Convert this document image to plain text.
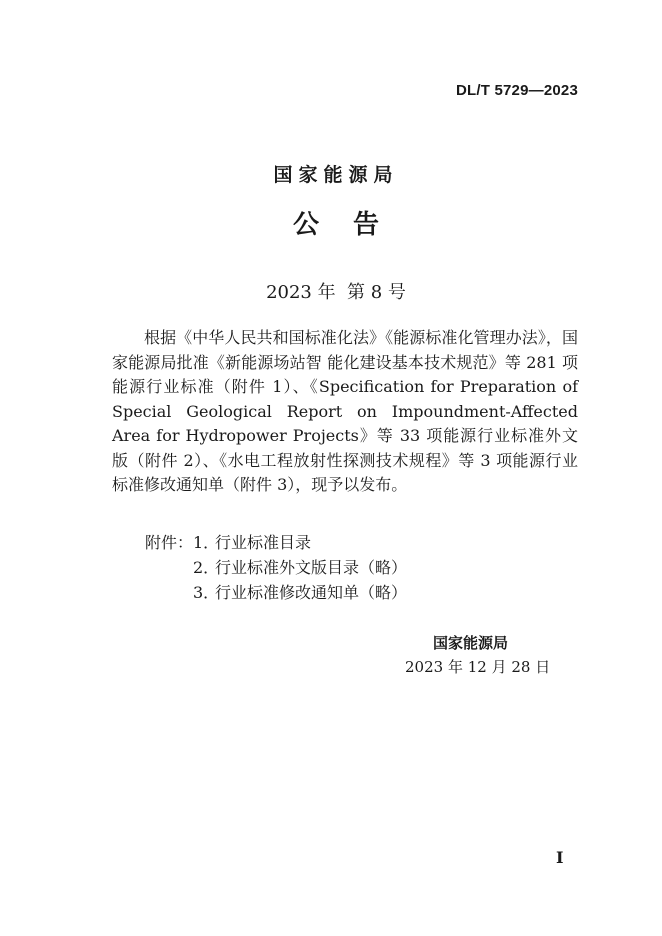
DL/T 5729—2023
国家能源局
公告
2023 年  第 8 号

根据《中华人民共和国标准化法》《能源标准化管理办法》，国家能源局批准《新能源场站智 能化建设基本技术规范》等 281 项能源行业标准（附件 1）、《Specification for Preparation of Special Geological Report on Impoundment-Affected Area for Hydropower Projects》等 33 项能源行业标准外文版（附件 2）、《水电工程放射性探测技术规程》等 3 项能源行业标准修改通知单（附件 3），现予以发布。

附件： 1．
行业标准目录
2．
行业标准外文版目录（略）
3．
行业标准修改通知单（略）
国家能源局
2023 年 12 月 28 日
I
